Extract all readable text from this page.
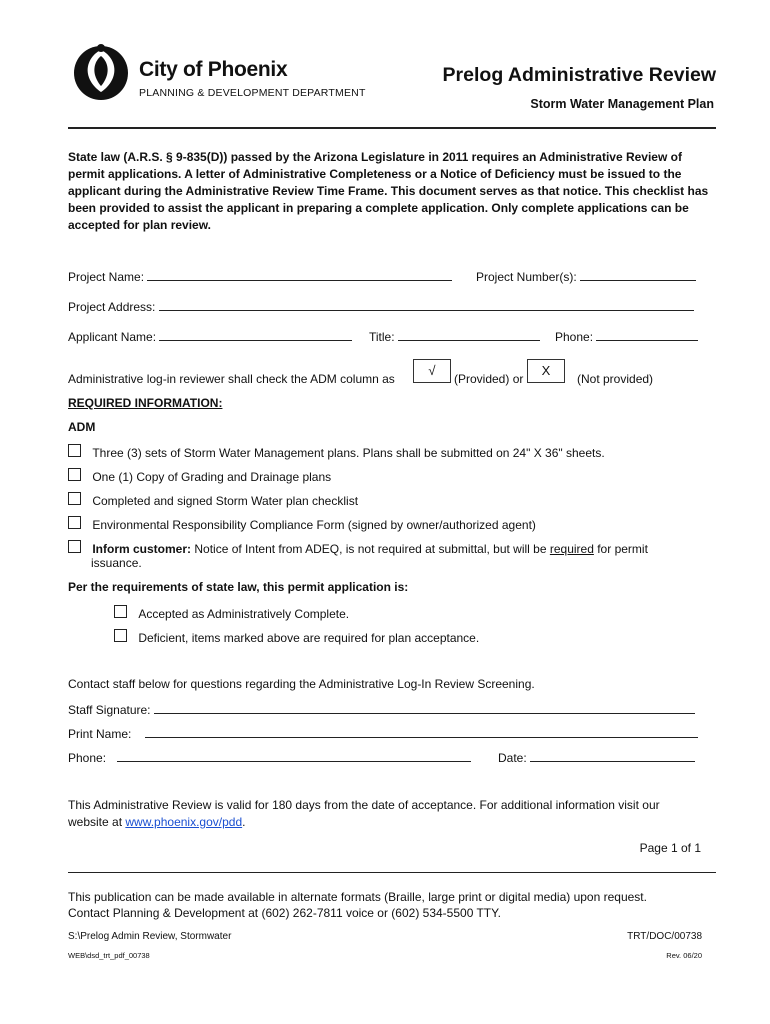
City of Phoenix
PLANNING & DEVELOPMENT DEPARTMENT
Prelog Administrative Review
Storm Water Management Plan
State law (A.R.S. § 9-835(D)) passed by the Arizona Legislature in 2011 requires an Administrative Review of permit applications. A letter of Administrative Completeness or a Notice of Deficiency must be issued to the applicant during the Administrative Review Time Frame. This document serves as that notice. This checklist has been provided to assist the applicant in preparing a complete application. Only complete applications can be accepted for plan review.
Project Name:	Project Number(s):
Project Address:
Applicant Name:	Title:	Phone:
Administrative log-in reviewer shall check the ADM column as
√
(Provided) or
X
(Not provided)
REQUIRED INFORMATION:
ADM
Three (3) sets of Storm Water Management plans. Plans shall be submitted on 24" X 36" sheets.
One (1) Copy of Grading and Drainage plans
Completed and signed Storm Water plan checklist
Environmental Responsibility Compliance Form (signed by owner/authorized agent)
Inform customer: Notice of Intent from ADEQ, is not required at submittal, but will be required for permit
issuance.
Per the requirements of state law, this permit application is:
Accepted as Administratively Complete.
Deficient, items marked above are required for plan acceptance.
Contact staff below for questions regarding the Administrative Log-In Review Screening.
Staff Signature:
Print Name:
Phone:	Date:
This Administrative Review is valid for 180 days from the date of acceptance. For additional information visit our
website at www.phoenix.gov/pdd.
Page 1 of 1
This publication can be made available in alternate formats (Braille, large print or digital media) upon request.
Contact Planning & Development at (602) 262-7811 voice or (602) 534-5500 TTY.
S:\Prelog Admin Review, Stormwater	TRT/DOC/00738
WEB\dsd_trt_pdf_00738	Rev. 06/20
